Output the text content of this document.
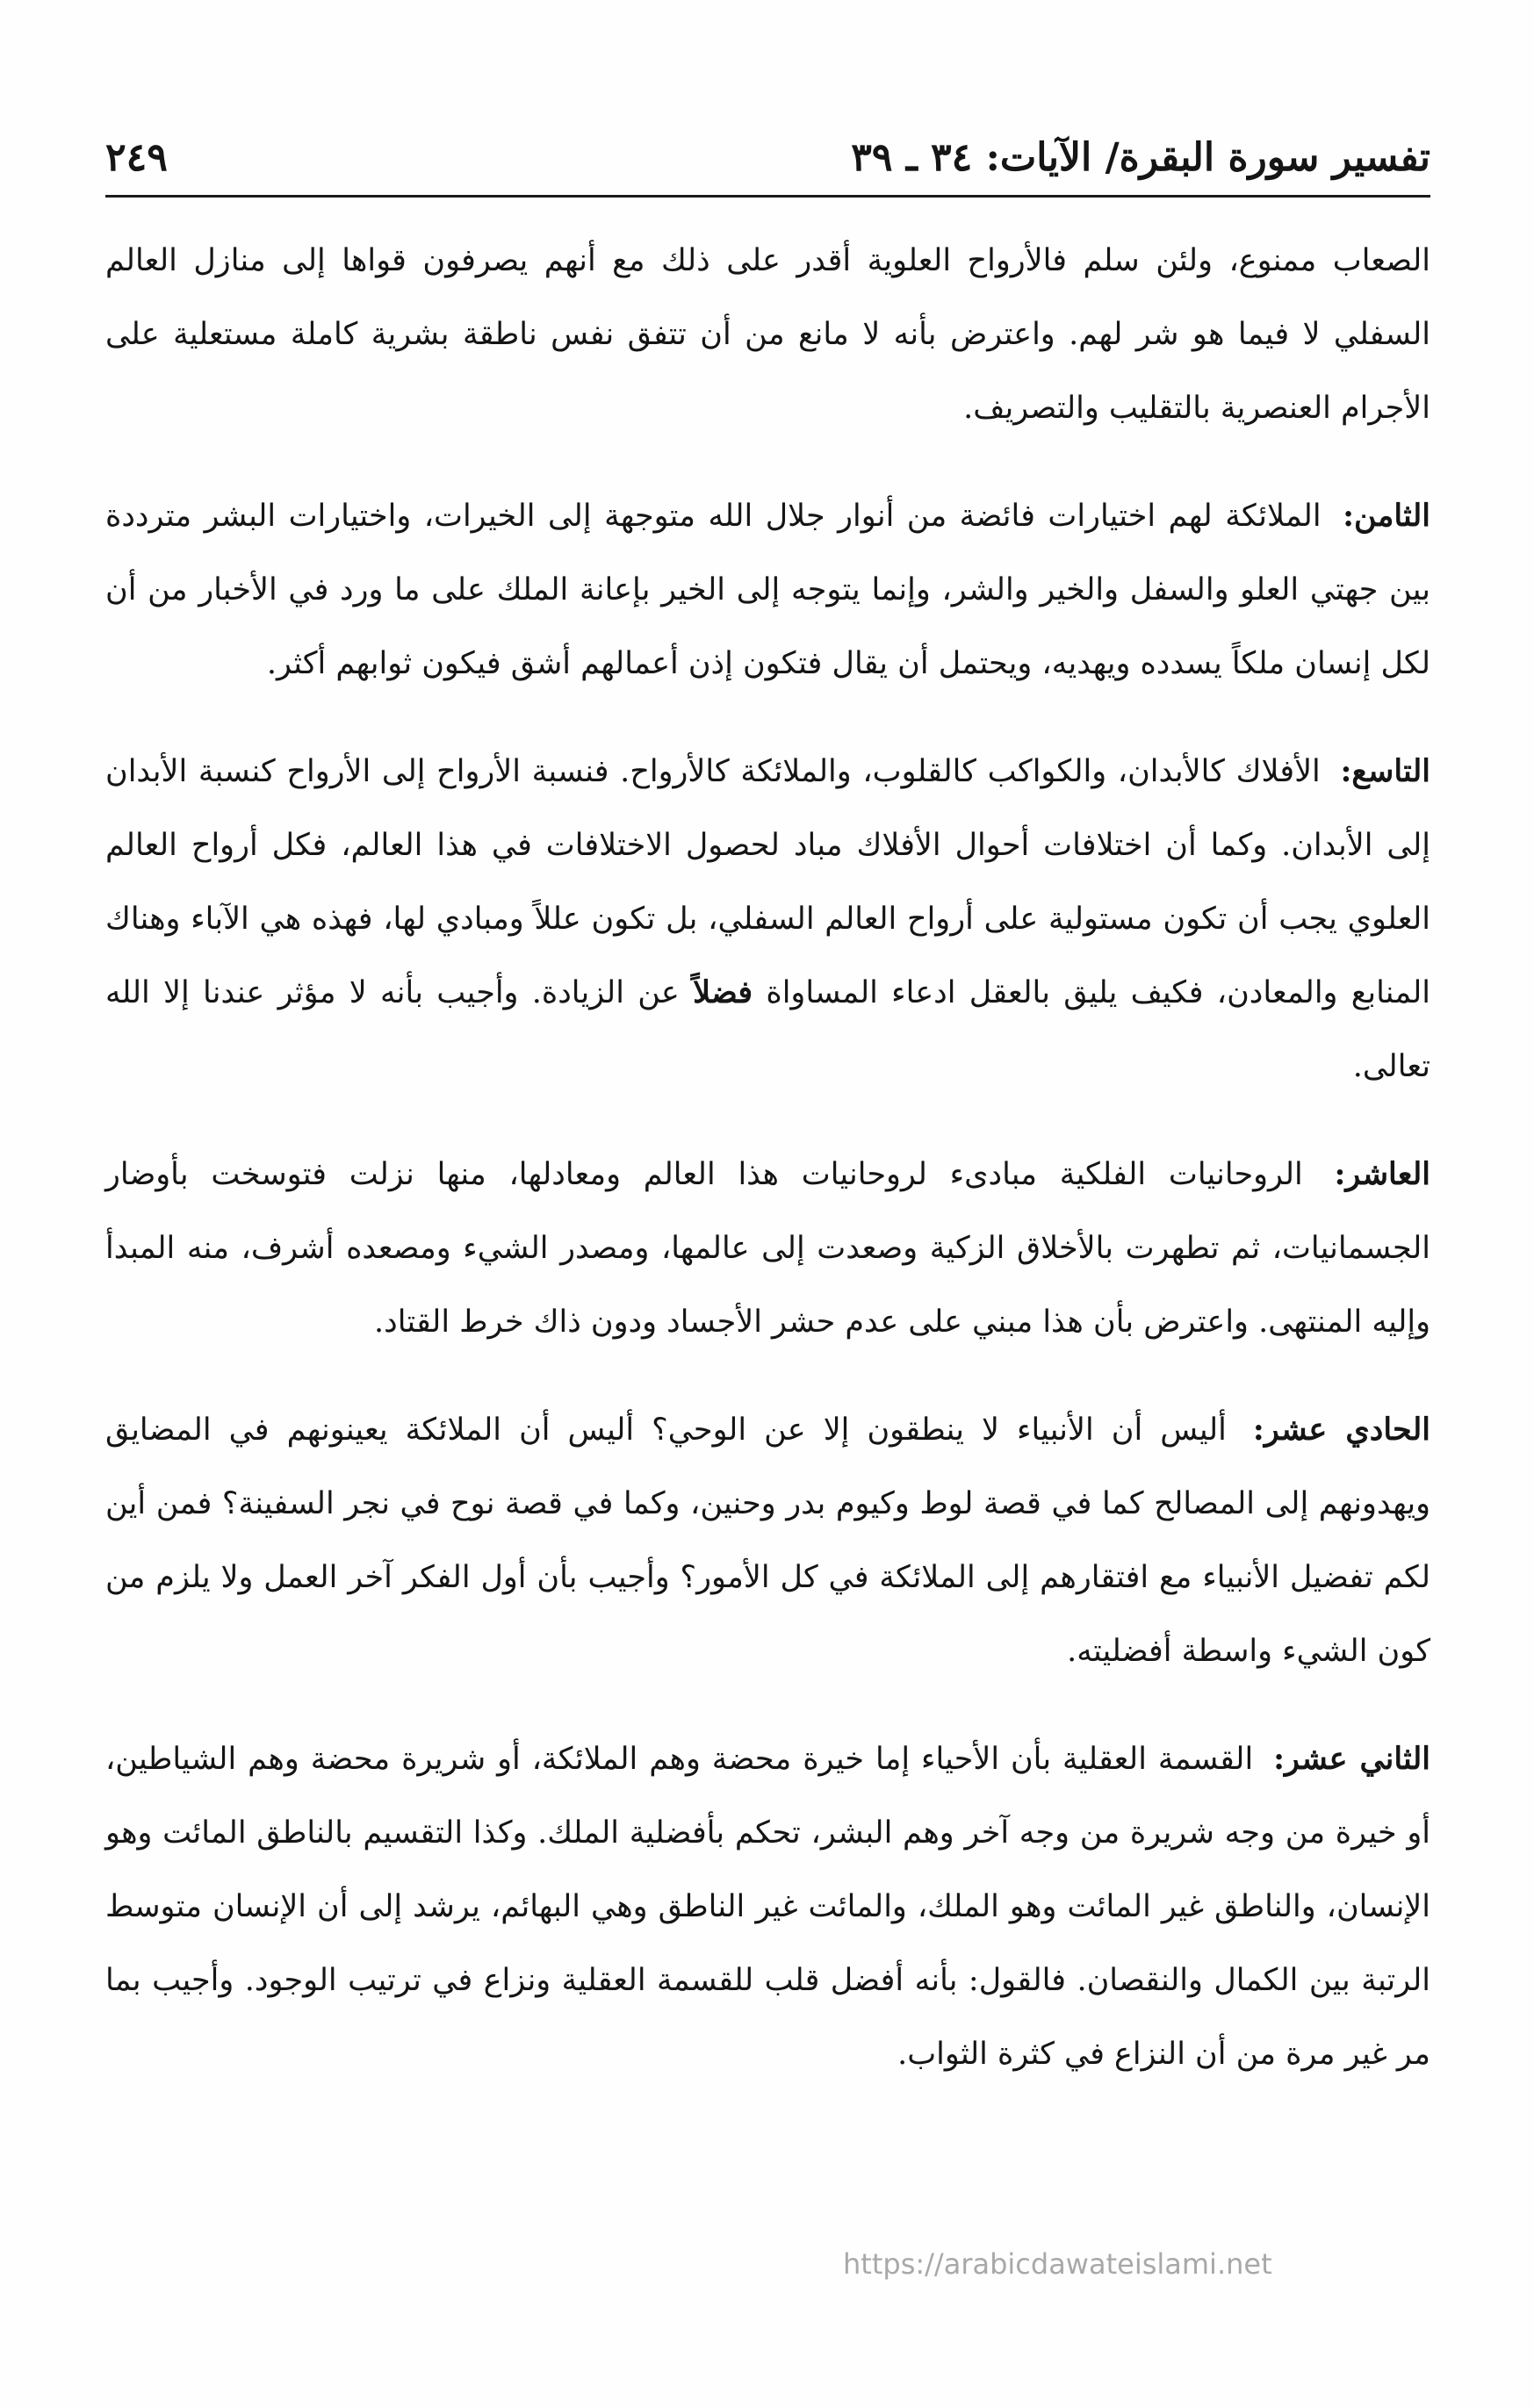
تفسير سورة البقرة/ الآيات: ٣٤ ـ ٣٩
٢٤٩

الصعاب ممنوع، ولئن سلم فالأرواح العلوية أقدر على ذلك مع أنهم يصرفون قواها إلى منازل العالم السفلي لا فيما هو شر لهم. واعترض بأنه لا مانع من أن تتفق نفس ناطقة بشرية كاملة مستعلية على الأجرام العنصرية بالتقليب والتصريف.

الثامن: الملائكة لهم اختيارات فائضة من أنوار جلال الله متوجهة إلى الخيرات، واختيارات البشر مترددة بين جهتي العلو والسفل والخير والشر، وإنما يتوجه إلى الخير بإعانة الملك على ما ورد في الأخبار من أن لكل إنسان ملكاً يسدده ويهديه، ويحتمل أن يقال فتكون إذن أعمالهم أشق فيكون ثوابهم أكثر.

التاسع: الأفلاك كالأبدان، والكواكب كالقلوب، والملائكة كالأرواح. فنسبة الأرواح إلى الأرواح كنسبة الأبدان إلى الأبدان. وكما أن اختلافات أحوال الأفلاك مباد لحصول الاختلافات في هذا العالم، فكل أرواح العالم العلوي يجب أن تكون مستولية على أرواح العالم السفلي، بل تكون عللاً ومبادي لها، فهذه هي الآباء وهناك المنابع والمعادن، فكيف يليق بالعقل ادعاء المساواة فضلاً عن الزيادة. وأجيب بأنه لا مؤثر عندنا إلا الله تعالى.

العاشر: الروحانيات الفلكية مبادىء لروحانيات هذا العالم ومعادلها، منها نزلت فتوسخت بأوضار الجسمانيات، ثم تطهرت بالأخلاق الزكية وصعدت إلى عالمها، ومصدر الشيء ومصعده أشرف، منه المبدأ وإليه المنتهى. واعترض بأن هذا مبني على عدم حشر الأجساد ودون ذاك خرط القتاد.

الحادي عشر: أليس أن الأنبياء لا ينطقون إلا عن الوحي؟ أليس أن الملائكة يعينونهم في المضايق ويهدونهم إلى المصالح كما في قصة لوط وكيوم بدر وحنين، وكما في قصة نوح في نجر السفينة؟ فمن أين لكم تفضيل الأنبياء مع افتقارهم إلى الملائكة في كل الأمور؟ وأجيب بأن أول الفكر آخر العمل ولا يلزم من كون الشيء واسطة أفضليته.

الثاني عشر: القسمة العقلية بأن الأحياء إما خيرة محضة وهم الملائكة، أو شريرة محضة وهم الشياطين، أو خيرة من وجه شريرة من وجه آخر وهم البشر، تحكم بأفضلية الملك. وكذا التقسيم بالناطق المائت وهو الإنسان، والناطق غير المائت وهو الملك، والمائت غير الناطق وهي البهائم، يرشد إلى أن الإنسان متوسط الرتبة بين الكمال والنقصان. فالقول: بأنه أفضل قلب للقسمة العقلية ونزاع في ترتيب الوجود. وأجيب بما مر غير مرة من أن النزاع في كثرة الثواب.

https://arabicdawateislami.net
